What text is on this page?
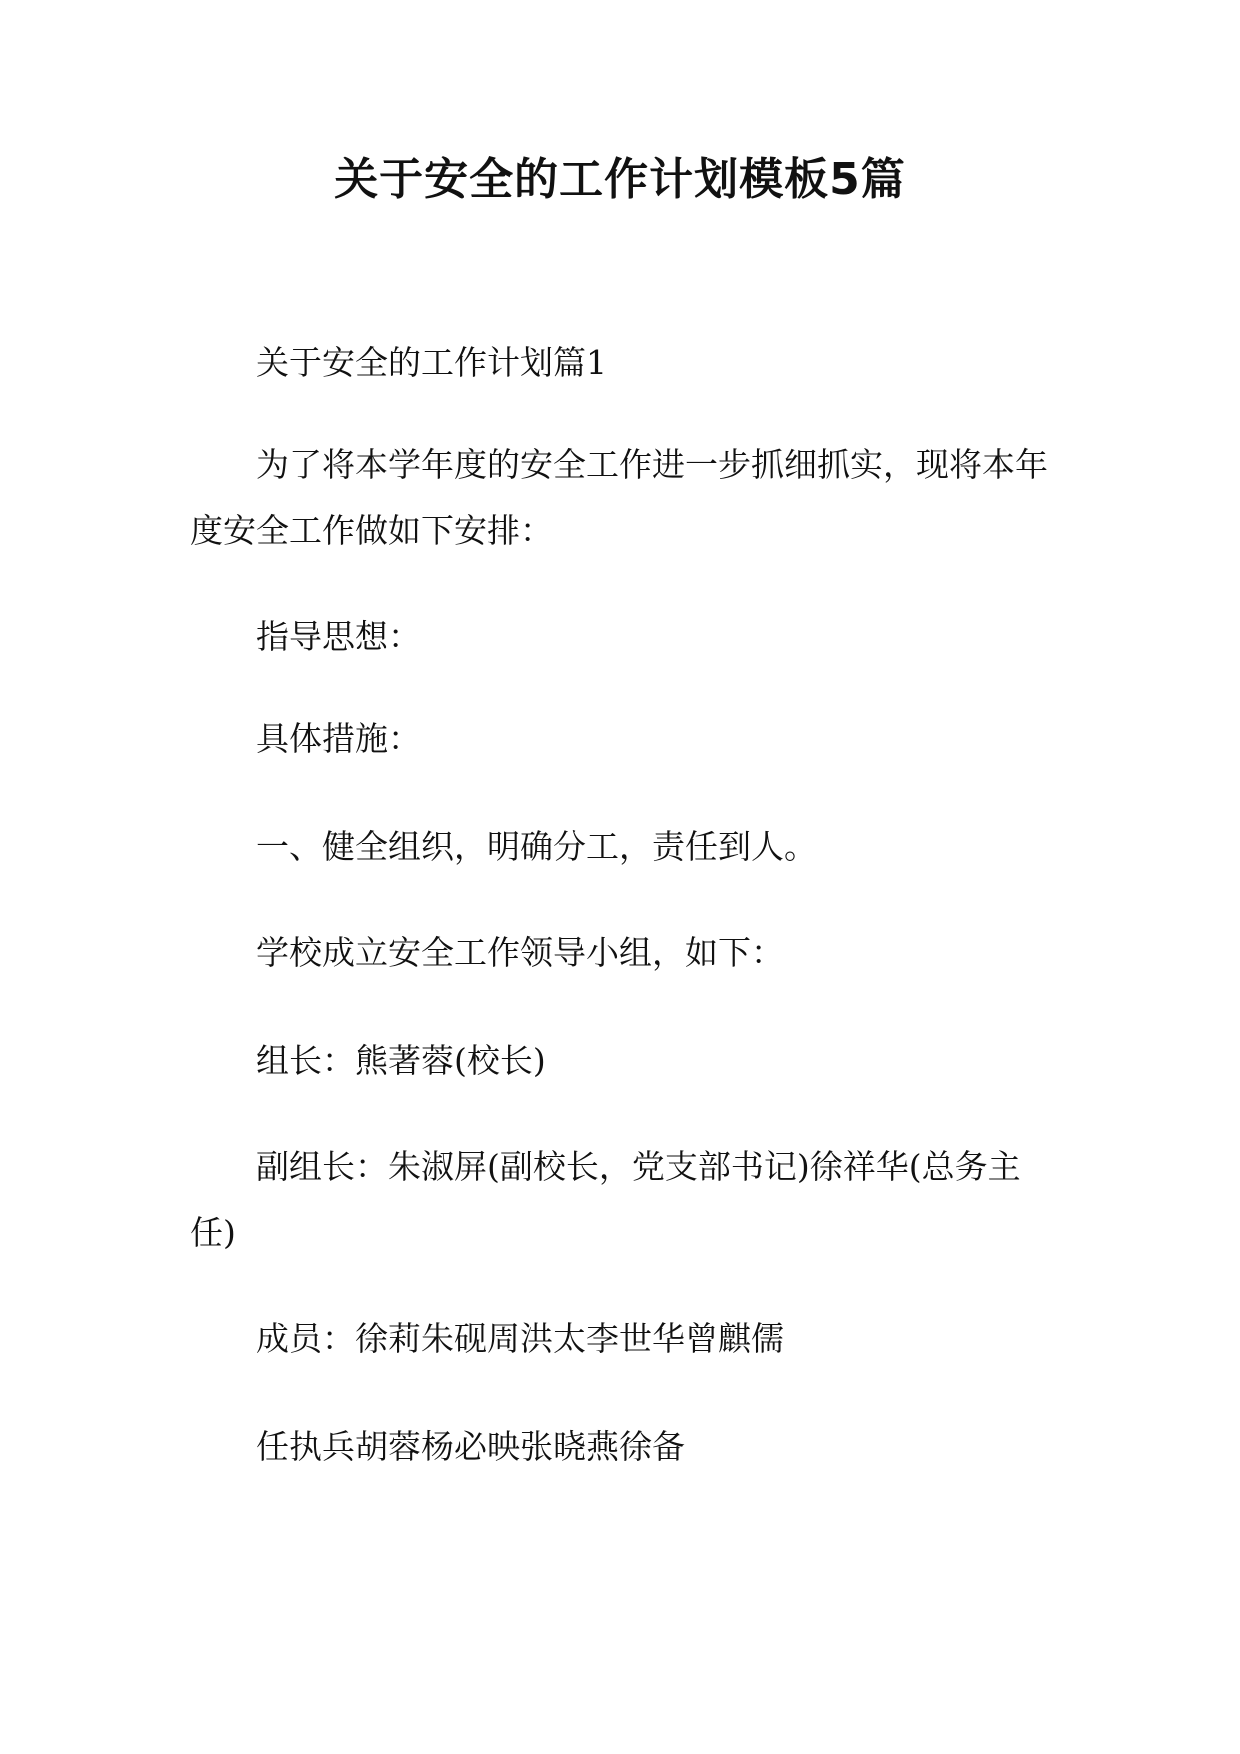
关于安全的工作计划模板5篇

关于安全的工作计划篇1

为了将本学年度的安全工作进一步抓细抓实，现将本年度安全工作做如下安排：

指导思想：

具体措施：

一、健全组织，明确分工，责任到人。

学校成立安全工作领导小组，如下：

组长：熊著蓉(校长)

副组长：朱淑屏(副校长，党支部书记)徐祥华(总务主任)

成员：徐莉朱砚周洪太李世华曾麒儒

任执兵胡蓉杨必映张晓燕徐备
